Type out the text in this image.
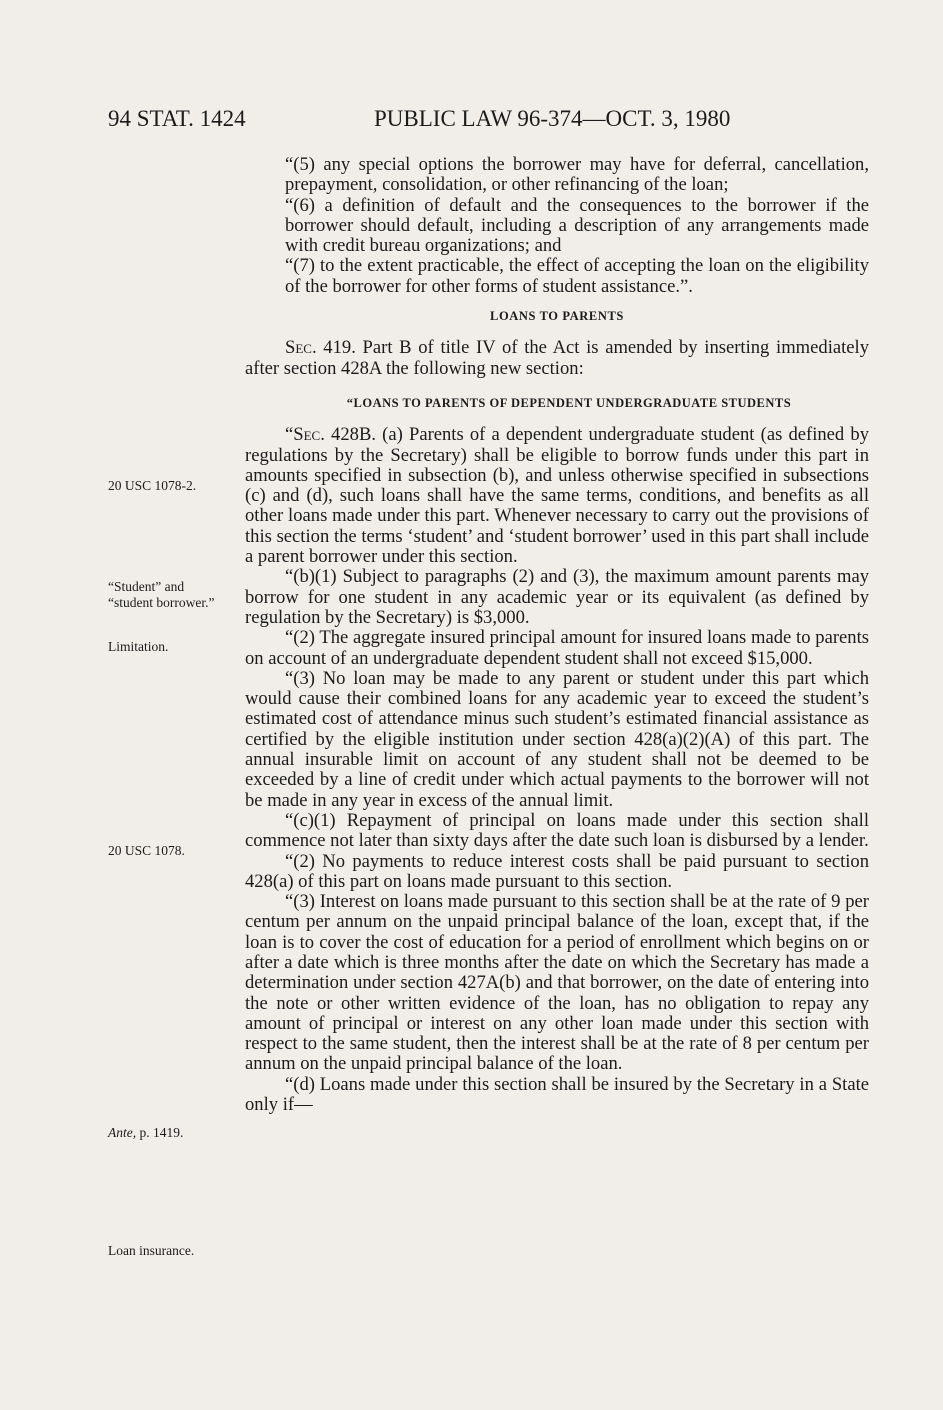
94 STAT. 1424	PUBLIC LAW 96-374—OCT. 3, 1980

“(5) any special options the borrower may have for deferral, cancellation, prepayment, consolidation, or other refinancing of the loan;

“(6) a definition of default and the consequences to the borrower if the borrower should default, including a description of any arrangements made with credit bureau organizations; and

“(7) to the extent practicable, the effect of accepting the loan on the eligibility of the borrower for other forms of student assistance.”.

LOANS TO PARENTS

Sec. 419. Part B of title IV of the Act is amended by inserting immediately after section 428A the following new section:

“LOANS TO PARENTS OF DEPENDENT UNDERGRADUATE STUDENTS

“Sec. 428B. (a) Parents of a dependent undergraduate student (as defined by regulations by the Secretary) shall be eligible to borrow funds under this part in amounts specified in subsection (b), and unless otherwise specified in subsections (c) and (d), such loans shall have the same terms, conditions, and benefits as all other loans made under this part. Whenever necessary to carry out the provisions of this section the terms ‘student’ and ‘student borrower’ used in this part shall include a parent borrower under this section.

“(b)(1) Subject to paragraphs (2) and (3), the maximum amount parents may borrow for one student in any academic year or its equivalent (as defined by regulation by the Secretary) is $3,000.

“(2) The aggregate insured principal amount for insured loans made to parents on account of an undergraduate dependent student shall not exceed $15,000.

“(3) No loan may be made to any parent or student under this part which would cause their combined loans for any academic year to exceed the student’s estimated cost of attendance minus such student’s estimated financial assistance as certified by the eligible institution under section 428(a)(2)(A) of this part. The annual insurable limit on account of any student shall not be deemed to be exceeded by a line of credit under which actual payments to the borrower will not be made in any year in excess of the annual limit.

“(c)(1) Repayment of principal on loans made under this section shall commence not later than sixty days after the date such loan is disbursed by a lender.

“(2) No payments to reduce interest costs shall be paid pursuant to section 428(a) of this part on loans made pursuant to this section.

“(3) Interest on loans made pursuant to this section shall be at the rate of 9 per centum per annum on the unpaid principal balance of the loan, except that, if the loan is to cover the cost of education for a period of enrollment which begins on or after a date which is three months after the date on which the Secretary has made a determination under section 427A(b) and that borrower, on the date of entering into the note or other written evidence of the loan, has no obligation to repay any amount of principal or interest on any other loan made under this section with respect to the same student, then the interest shall be at the rate of 8 per centum per annum on the unpaid principal balance of the loan.

“(d) Loans made under this section shall be insured by the Secretary in a State only if—

20 USC 1078-2.
“Student” and “student borrower.”
Limitation.
20 USC 1078.
Ante, p. 1419.
Loan insurance.
